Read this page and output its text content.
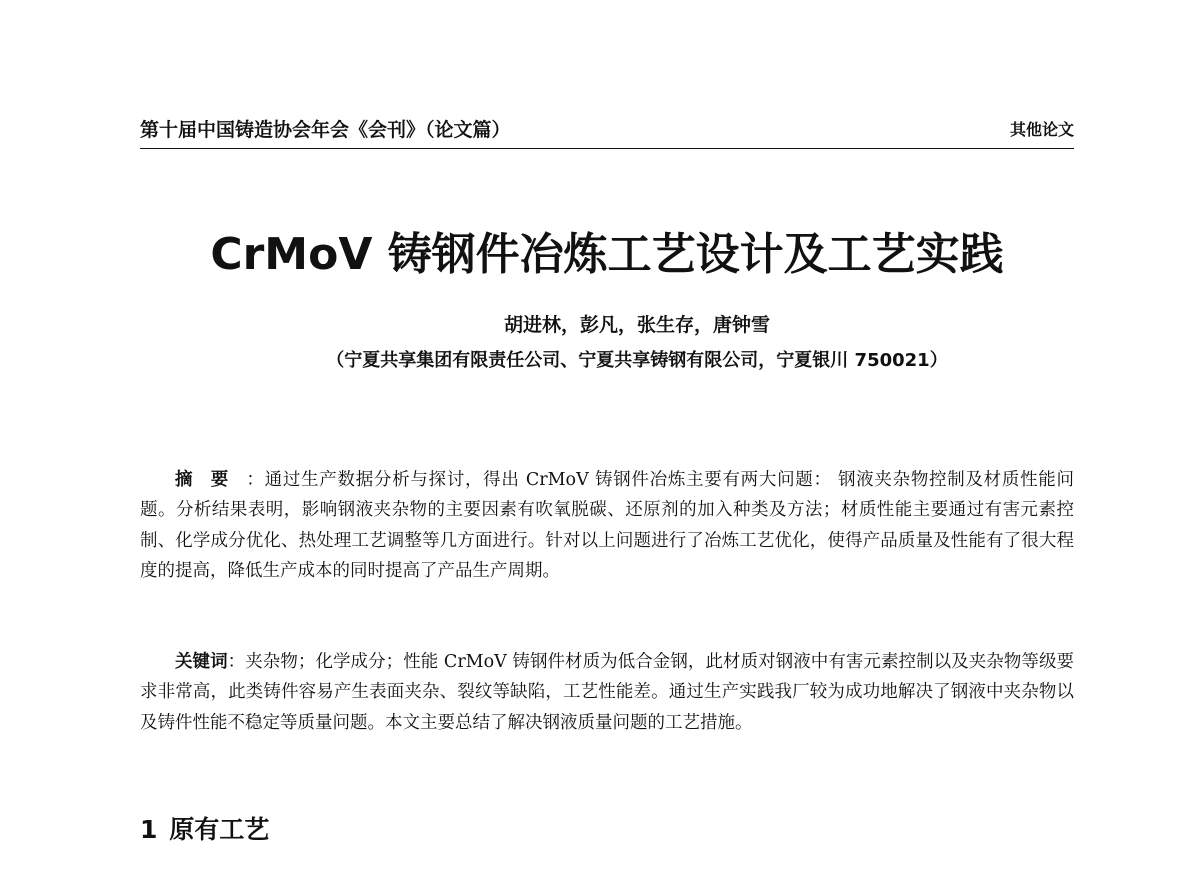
第十届中国铸造协会年会《会刊》（论文篇）	其他论文
CrMoV 铸钢件冶炼工艺设计及工艺实践
胡进林，彭凡，张生存，唐钟雪
（宁夏共享集团有限责任公司、宁夏共享铸钢有限公司，宁夏银川 750021）

摘要：通过生产数据分析与探讨，得出 CrMoV 铸钢件冶炼主要有两大问题： 钢液夹杂物控制及材质性能问题。分析结果表明，影响钢液夹杂物的主要因素有吹氧脱碳、还原剂的加入种类及方法；材质性能主要通过有害元素控制、化学成分优化、热处理工艺调整等几方面进行。针对以上问题进行了冶炼工艺优化，使得产品质量及性能有了很大程度的提高，降低生产成本的同时提高了产品生产周期。

关键词：夹杂物；化学成分；性能 CrMoV 铸钢件材质为低合金钢，此材质对钢液中有害元素控制以及夹杂物等级要求非常高，此类铸件容易产生表面夹杂、裂纹等缺陷，工艺性能差。通过生产实践我厂较为成功地解决了钢液中夹杂物以及铸件性能不稳定等质量问题。本文主要总结了解决钢液质量问题的工艺措施。

1 原有工艺
